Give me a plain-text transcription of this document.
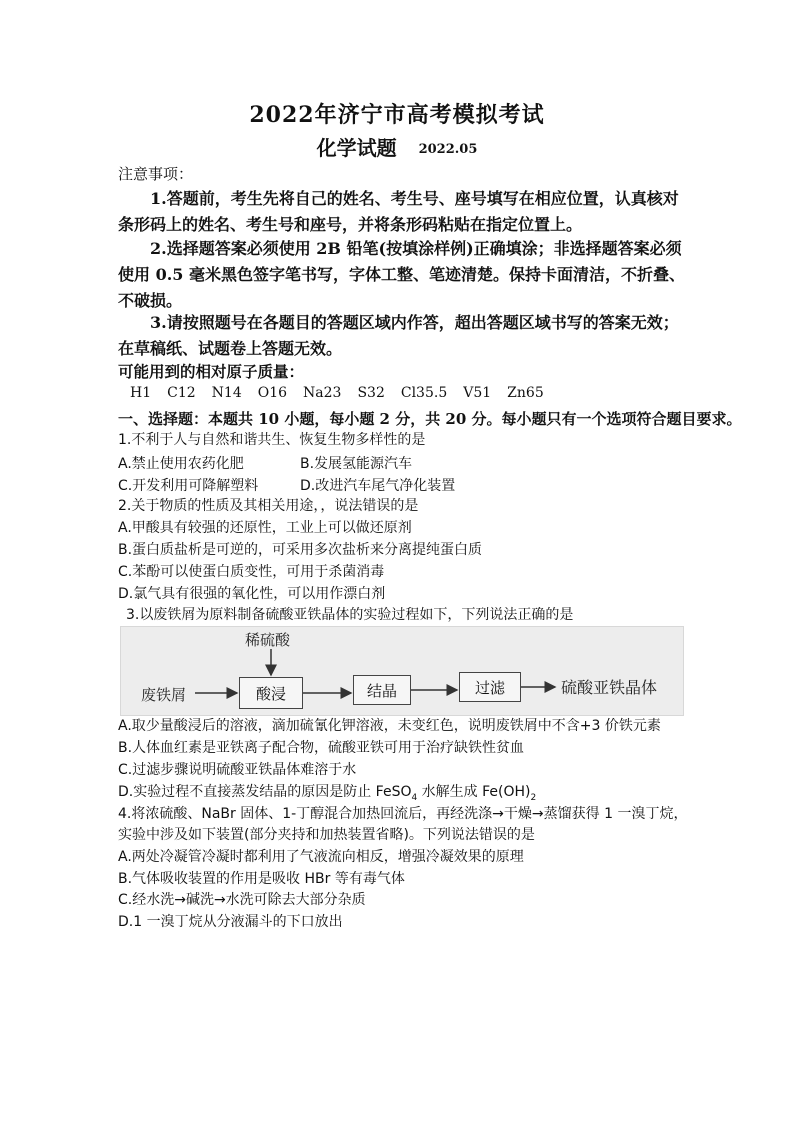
2022年济宁市高考模拟考试
化学试题 2022.05
注意事项：
1.答题前，考生先将自己的姓名、考生号、座号填写在相应位置，认真核对条形码上的姓名、考生号和座号，并将条形码粘贴在指定位置上。
2.选择题答案必须使用 2B 铅笔(按填涂样例)正确填涂；非选择题答案必须使用 0.5 毫米黑色签字笔书写，字体工整、笔迹清楚。保持卡面清洁，不折叠、不破损。
3.请按照题号在各题目的答题区域内作答，超出答题区域书写的答案无效；在草稿纸、试题卷上答题无效。
可能用到的相对原子质量：
H1 C12 N14 O16 Na23 S32 Cl35.5 V51 Zn65
一、选择题：本题共 10 小题，每小题 2 分，共 20 分。每小题只有一个选项符合题目要求。
1.不利于人与自然和谐共生、恢复生物多样性的是
A.禁止使用农药化肥	B.发展氢能源汽车
C.开发利用可降解塑料	D.改进汽车尾气净化装置
2.关于物质的性质及其相关用途，，说法错误的是
A.甲酸具有较强的还原性，工业上可以做还原剂
B.蛋白质盐析是可逆的，可采用多次盐析来分离提纯蛋白质
C.苯酚可以使蛋白质变性，可用于杀菌消毒
D.氯气具有很强的氧化性，可以用作漂白剂
3.以废铁屑为原料制备硫酸亚铁晶体的实验过程如下，下列说法正确的是
废铁屑
稀硫酸
酸浸	结晶	过滤	硫酸亚铁晶体
A.取少量酸浸后的溶液，滴加硫氰化钾溶液，未变红色，说明废铁屑中不含+3 价铁元素
B.人体血红素是亚铁离子配合物，硫酸亚铁可用于治疗缺铁性贫血
C.过滤步骤说明硫酸亚铁晶体难溶于水
D.实验过程不直接蒸发结晶的原因是防止 FeSO$_4$ 水解生成 $Fe(OH)_2$
4.将浓硫酸、NaBr 固体、1-丁醇混合加热回流后，再经洗涤→干燥→蒸馏获得 1 一溴丁烷，
实验中涉及如下装置(部分夹持和加热装置省略)。下列说法错误的是
A.两处冷凝管冷凝时都利用了气液流向相反，增强冷凝效果的原理
B.气体吸收装置的作用是吸收 HBr 等有毒气体
C.经水洗→碱洗→水洗可除去大部分杂质
D.1 一溴丁烷从分液漏斗的下口放出
